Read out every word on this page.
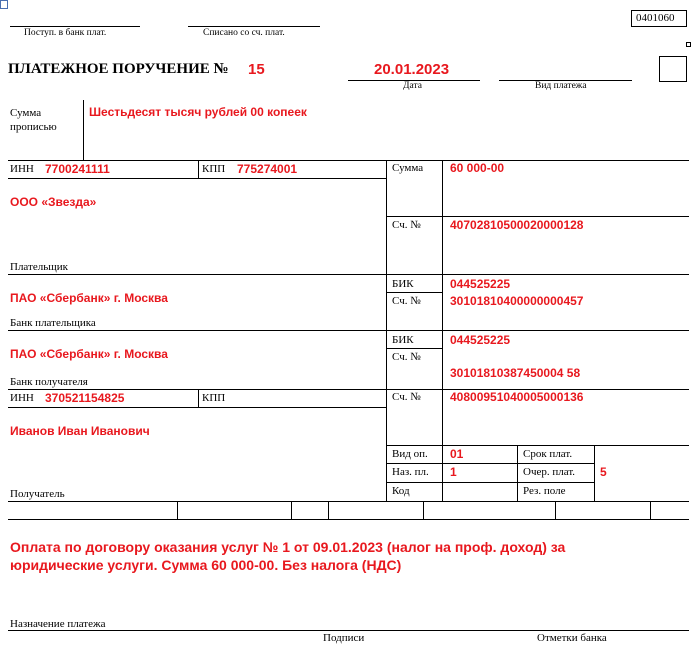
Поступ. в банк плат.	Списано со сч. плат.
0401060
ПЛАТЕЖНОЕ ПОРУЧЕНИЕ № 15	20.01.2023
Дата	Вид платежа
Сумма
прописью
Шестьдесят тысяч рублей 00 копеек
ИНН 7700241111	КПП 775274001
ООО «Звезда»
Плательщик
Сумма 60 000-00
Сч. № 40702810500020000128
ПАО «Сбербанк» г. Москва
Банк плательщика
БИК	044525225
Сч. № 30101810400000000457
ПАО «Сбербанк» г. Москва
Банк получателя
БИК	044525225
Сч. №
30101810387450004 58
ИНН 370521154825	КПП	Сч. № 40800951040005000136
Иванов Иван Иванович
Получатель
Вид оп. 01	Срок плат.
Наз. пл. 1	Очер. плат. 5
Код	Рез. поле
Оплата по договору оказания услуг № 1 от 09.01.2023 (налог на проф. доход) за
юридические услуги. Сумма 60 000-00. Без налога (НДС)
Назначение платежа
Подписи	Отметки банка
